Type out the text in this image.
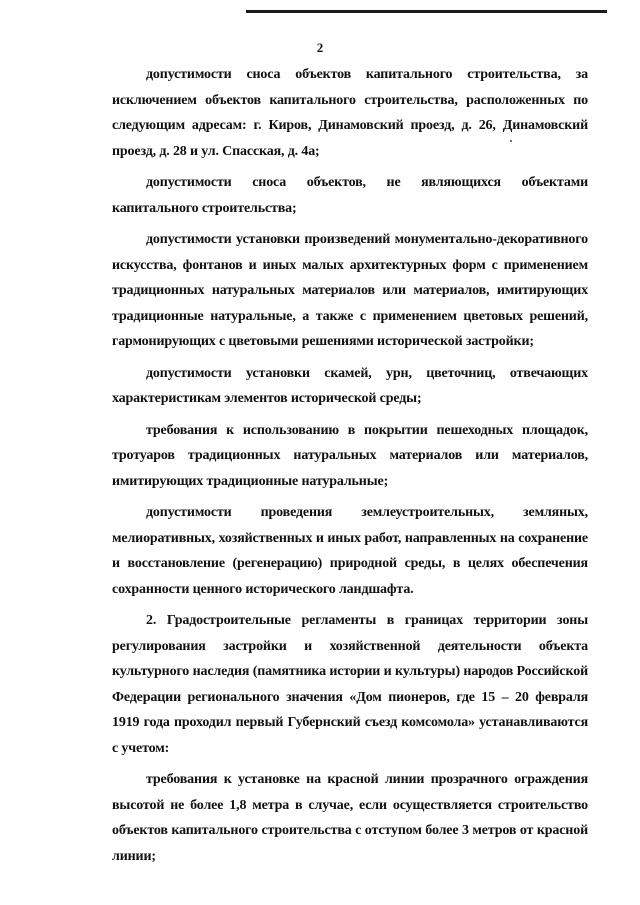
2

допустимости сноса объектов капитального строительства, за исключением объектов капитального строительства, расположенных по следующим адресам: г. Киров, Динамовский проезд, д. 26, Динамовский проезд, д. 28 и ул. Спасская, д. 4а;

допустимости сноса объектов, не являющихся объектами капитального строительства;

допустимости установки произведений монументально-декоративного искусства, фонтанов и иных малых архитектурных форм с применением традиционных натуральных материалов или материалов, имитирующих традиционные натуральные, а также с применением цветовых решений, гармонирующих с цветовыми решениями исторической застройки;

допустимости установки скамей, урн, цветочниц, отвечающих характеристикам элементов исторической среды;

требования к использованию в покрытии пешеходных площадок, тротуаров традиционных натуральных материалов или материалов, имитирующих традиционные натуральные;

допустимости проведения землеустроительных, земляных, мелиоративных, хозяйственных и иных работ, направленных на сохранение и восстановление (регенерацию) природной среды, в целях обеспечения сохранности ценного исторического ландшафта.

2. Градостроительные регламенты в границах территории зоны регулирования застройки и хозяйственной деятельности объекта культурного наследия (памятника истории и культуры) народов Российской Федерации регионального значения «Дом пионеров, где 15 – 20 февраля 1919 года проходил первый Губернский съезд комсомола» устанавливаются с учетом:

требования к установке на красной линии прозрачного ограждения высотой не более 1,8 метра в случае, если осуществляется строительство объектов капитального строительства с отступом более 3 метров от красной линии;
